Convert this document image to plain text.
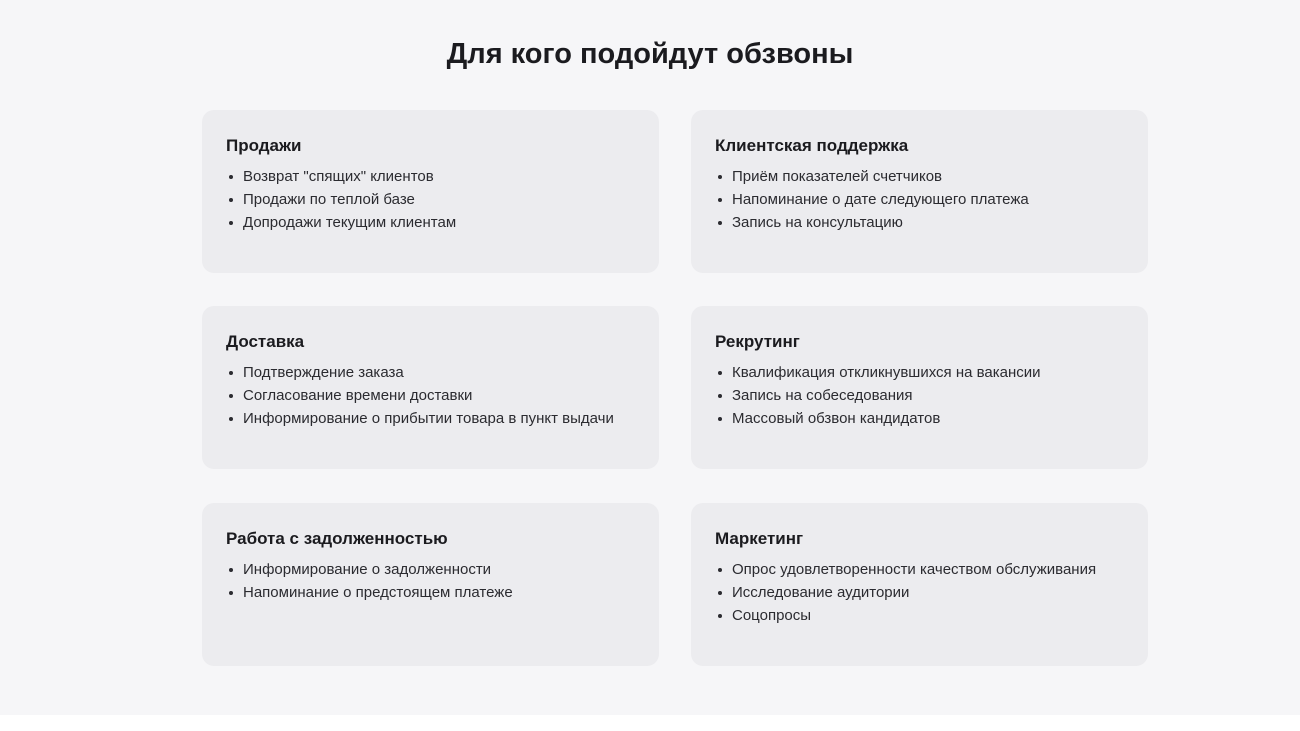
Для кого подойдут обзвоны
Продажи
Возврат "спящих" клиентов
Продажи по теплой базе
Допродажи текущим клиентам
Клиентская поддержка
Приём показателей счетчиков
Напоминание о дате следующего платежа
Запись на консультацию
Доставка
Подтверждение заказа
Согласование времени доставки
Информирование о прибытии товара в пункт выдачи
Рекрутинг
Квалификация откликнувшихся на вакансии
Запись на собеседования
Массовый обзвон кандидатов
Работа с задолженностью
Информирование о задолженности
Напоминание о предстоящем платеже
Маркетинг
Опрос удовлетворенности качеством обслуживания
Исследование аудитории
Соцопросы
